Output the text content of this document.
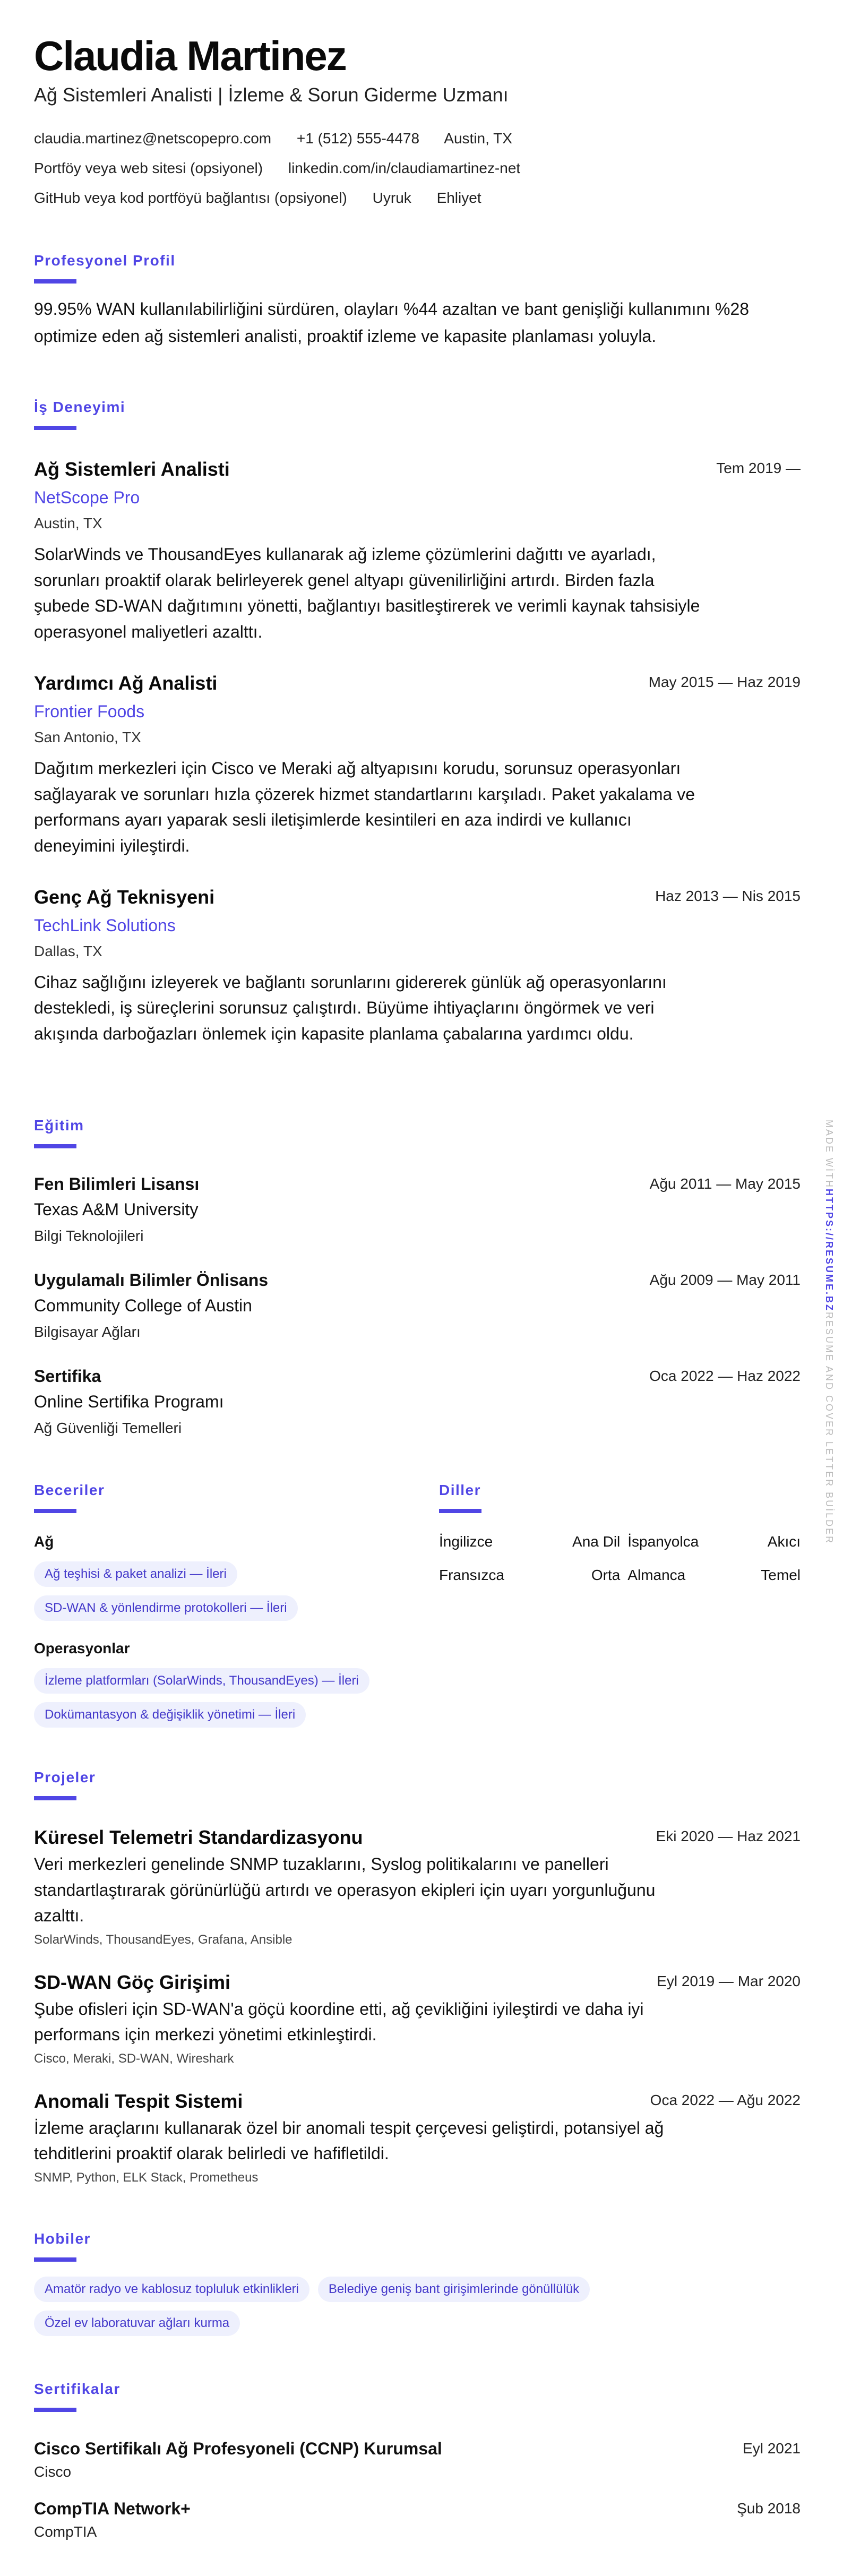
Claudia Martinez
Ağ Sistemleri Analisti | İzleme & Sorun Giderme Uzmanı
claudia.martinez@netscopepro.com +1 (512) 555-4478 Austin, TX
Portföy veya web sitesi (opsiyonel) linkedin.com/in/claudiamartinez-net
GitHub veya kod portföyü bağlantısı (opsiyonel) Uyruk Ehliyet
Profesyonel Profil
99.95% WAN kullanılabilirliğini sürdüren, olayları %44 azaltan ve bant genişliği kullanımını %28 optimize eden ağ sistemleri analisti, proaktif izleme ve kapasite planlaması yoluyla.
İş Deneyimi
Ağ Sistemleri Analisti	Tem 2019 —
NetScope Pro
Austin, TX
SolarWinds ve ThousandEyes kullanarak ağ izleme çözümlerini dağıttı ve ayarladı, sorunları proaktif olarak belirleyerek genel altyapı güvenilirliğini artırdı. Birden fazla şubede SD-WAN dağıtımını yönetti, bağlantıyı basitleştirerek ve verimli kaynak tahsisiyle operasyonel maliyetleri azalttı.
Yardımcı Ağ Analisti	May 2015 — Haz 2019
Frontier Foods
San Antonio, TX
Dağıtım merkezleri için Cisco ve Meraki ağ altyapısını korudu, sorunsuz operasyonları sağlayarak ve sorunları hızla çözerek hizmet standartlarını karşıladı. Paket yakalama ve performans ayarı yaparak sesli iletişimlerde kesintileri en aza indirdi ve kullanıcı deneyimini iyileştirdi.
Genç Ağ Teknisyeni	Haz 2013 — Nis 2015
TechLink Solutions
Dallas, TX
Cihaz sağlığını izleyerek ve bağlantı sorunlarını gidererek günlük ağ operasyonlarını destekledi, iş süreçlerini sorunsuz çalıştırdı. Büyüme ihtiyaçlarını öngörmek ve veri akışında darboğazları önlemek için kapasite planlama çabalarına yardımcı oldu.
Eğitim
Fen Bilimleri Lisansı	Ağu 2011 — May 2015
Texas A&M University
Bilgi Teknolojileri
Uygulamalı Bilimler Önlisans	Ağu 2009 — May 2011
Community College of Austin
Bilgisayar Ağları
Sertifika	Oca 2022 — Haz 2022
Online Sertifika Programı
Ağ Güvenliği Temelleri
Beceriler
Ağ
Ağ teşhisi & paket analizi — İleri
SD-WAN & yönlendirme protokolleri — İleri
Operasyonlar
İzleme platformları (SolarWinds, ThousandEyes) — İleri
Dokümantasyon & değişiklik yönetimi — İleri
Diller
İngilizce	Ana Dil İspanyolca	Akıcı
Fransızca	Orta Almanca	Temel
Projeler
Küresel Telemetri Standardizasyonu	Eki 2020 — Haz 2021
Veri merkezleri genelinde SNMP tuzaklarını, Syslog politikalarını ve panelleri standartlaştırarak görünürlüğü artırdı ve operasyon ekipleri için uyarı yorgunluğunu azalttı.
SolarWinds, ThousandEyes, Grafana, Ansible
SD-WAN Göç Girişimi	Eyl 2019 — Mar 2020
Şube ofisleri için SD-WAN'a göçü koordine etti, ağ çevikliğini iyileştirdi ve daha iyi performans için merkezi yönetimi etkinleştirdi.
Cisco, Meraki, SD-WAN, Wireshark
Anomali Tespit Sistemi	Oca 2022 — Ağu 2022
İzleme araçlarını kullanarak özel bir anomali tespit çerçevesi geliştirdi, potansiyel ağ tehditlerini proaktif olarak belirledi ve hafifletildi.
SNMP, Python, ELK Stack, Prometheus
Hobiler
Amatör radyo ve kablosuz topluluk etkinlikleri Belediye geniş bant girişimlerinde gönüllülükÖzel ev laboratuvar ağları kurma
Sertifikalar
Cisco Sertifikalı Ağ Profesyoneli (CCNP) Kurumsal	Eyl 2021
Cisco
CompTIA Network+	Şub 2018
CompTIA
MADE WİTHHTTPS://RESUME.BZRESUME AND COVER LETTER BUİLDER
